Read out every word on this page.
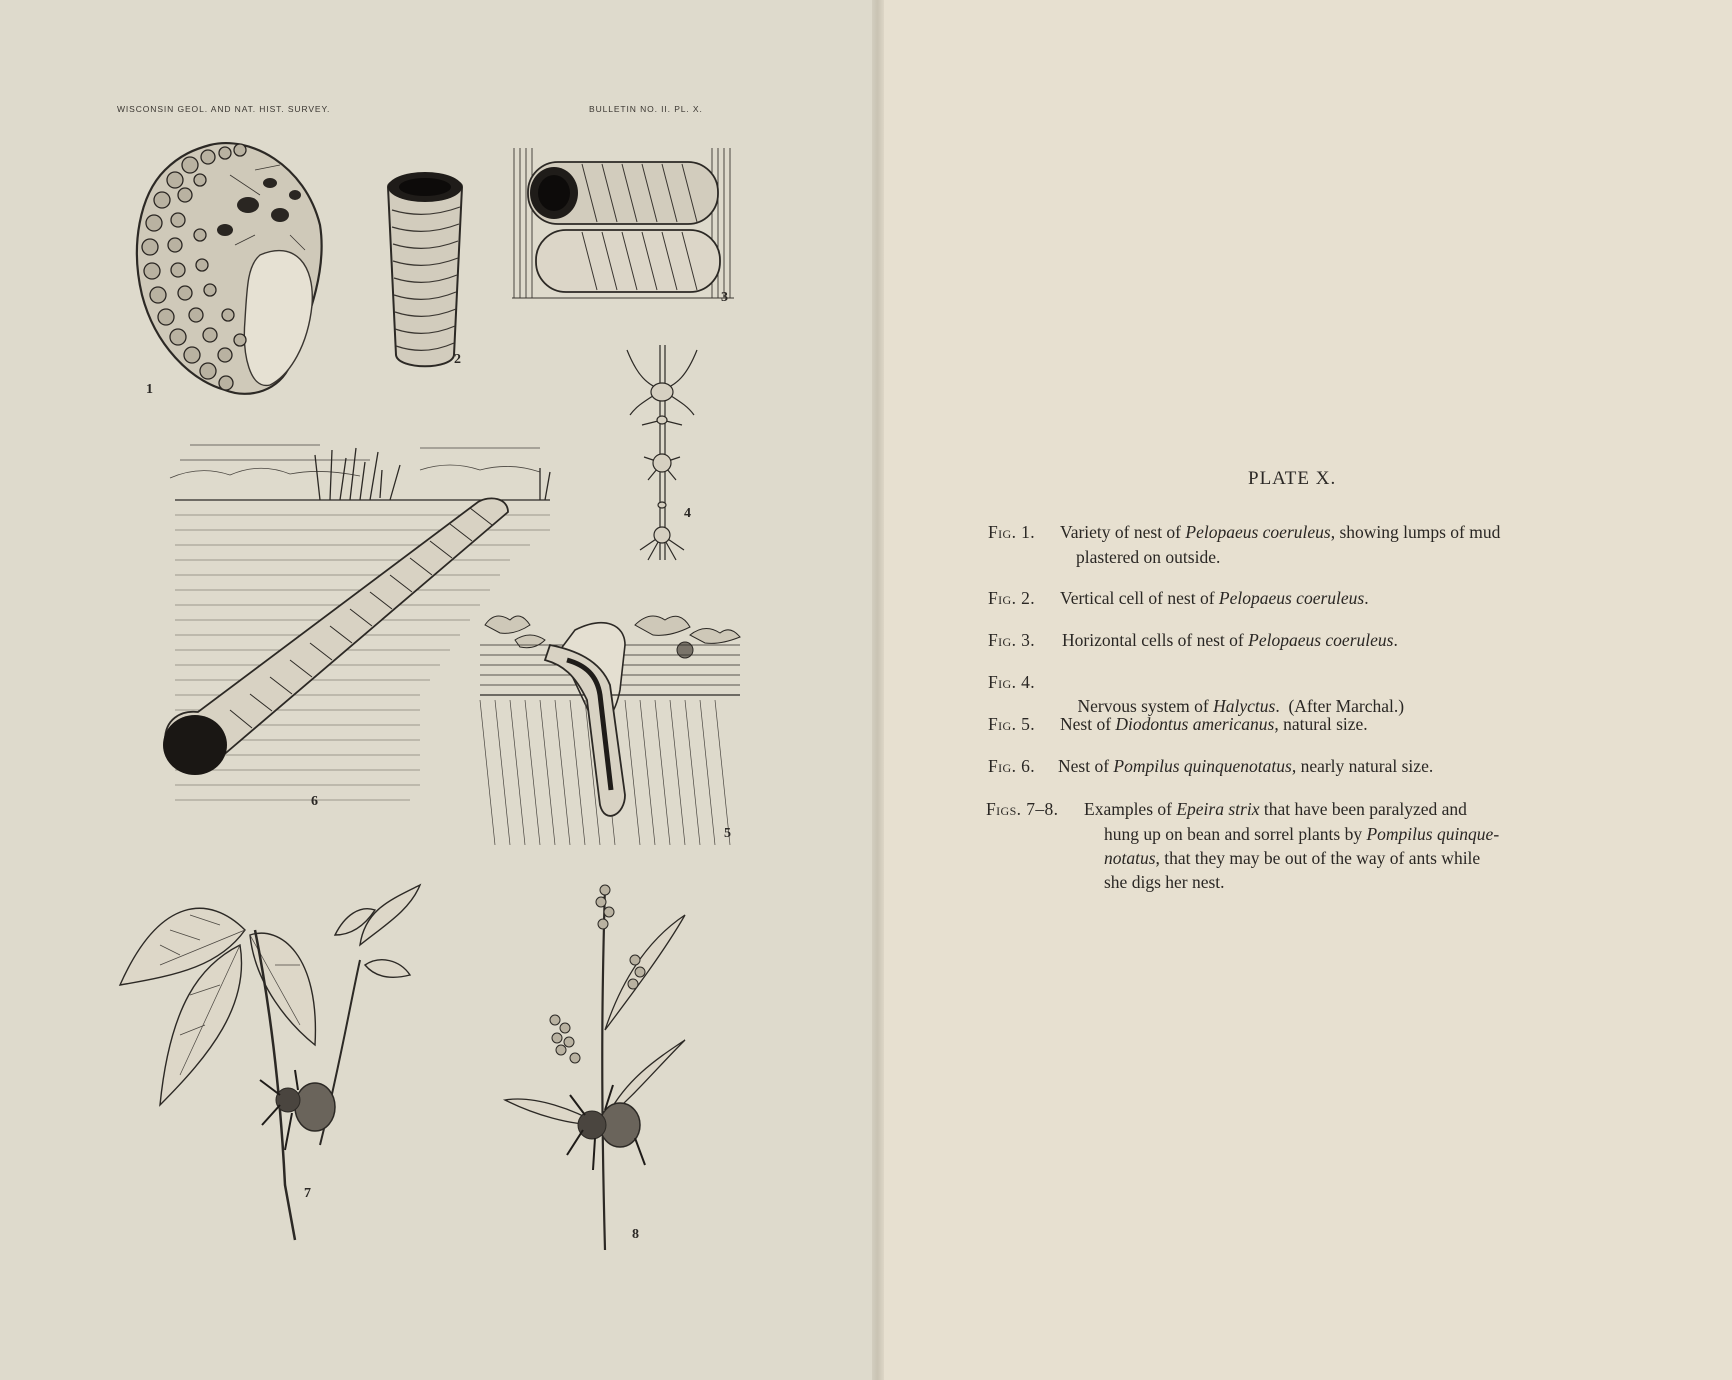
WISCONSIN GEOL. AND NAT. HIST. SURVEY.	BULLETIN NO. II. PL. X.
1
2
3
4
6
5
7
8
PLATE X.
Fig. 1. Variety of nest of Pelopaeus coeruleus, showing lumps of mud
plastered on outside.
Fig. 2. Vertical cell of nest of Pelopaeus coeruleus.
Fig. 3. Horizontal cells of nest of Pelopaeus coeruleus.
Fig. 4.

Nervous system of Halyctus.  (After Marchal.)

Fig. 5. Nest of Diodontus americanus, natural size.
Fig. 6. Nest of Pompilus quinquenotatus, nearly natural size.
Figs. 7–8. Examples of Epeira strix that have been paralyzed and
hung up on bean and sorrel plants by Pompilus quinque-
notatus, that they may be out of the way of ants while
she digs her nest.
